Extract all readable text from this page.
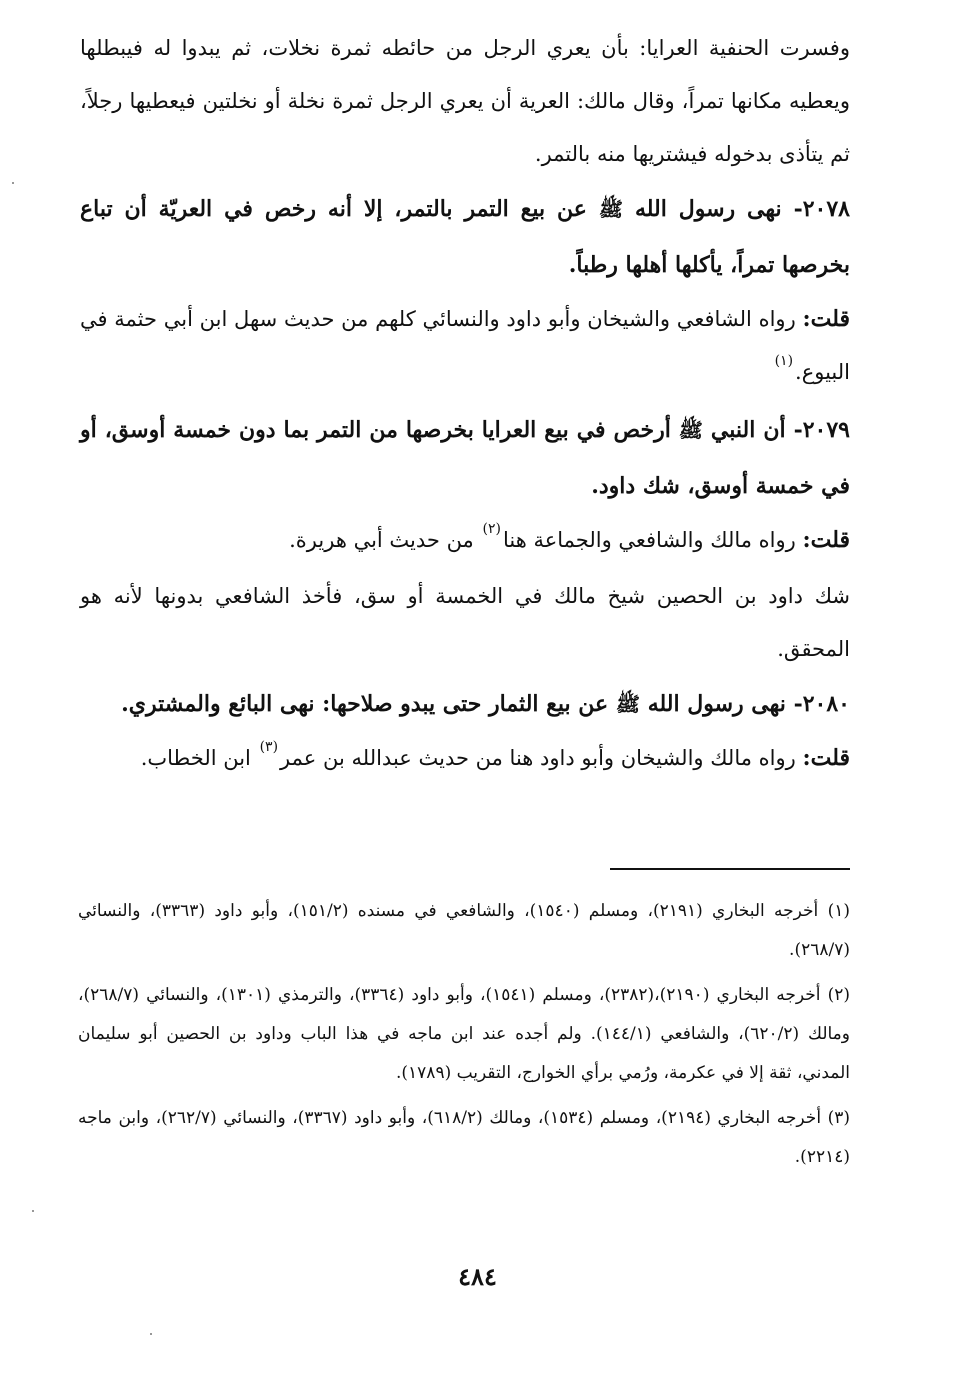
وفسرت الحنفية العرايا: بأن يعري الرجل من حائطه ثمرة نخلات، ثم يبدوا له فيبطلها ويعطيه مكانها تمراً، وقال مالك: العرية أن يعري الرجل ثمرة نخلة أو نخلتين فيعطيها رجلاً، ثم يتأذى بدخوله فيشتريها منه بالتمر.

٢٠٧٨- نهى رسول الله ﷺ عن بيع التمر بالتمر، إلا أنه رخص في العريّة أن تباع بخرصها تمراً، يأكلها أهلها رطباً.

قلت: رواه الشافعي والشيخان وأبو داود والنسائي كلهم من حديث سهل ابن أبي حثمة في البيوع.$^{(١)}$

٢٠٧٩- أن النبي ﷺ أرخص في بيع العرايا بخرصها من التمر بما دون خمسة أوسق، أو في خمسة أوسق، شك داود.

قلت: رواه مالك والشافعي والجماعة هنا$^{(٢)}$ من حديث أبي هريرة.

شك داود بن الحصين شيخ مالك في الخمسة أو سق، فأخذ الشافعي بدونها لأنه هو المحقق.

٢٠٨٠- نهى رسول الله ﷺ عن بيع الثمار حتى يبدو صلاحها: نهى البائع والمشتري.

قلت: رواه مالك والشيخان وأبو داود هنا من حديث عبدالله بن عمر$^{(٣)}$ ابن الخطاب.

(١) أخرجه البخاري (٢١٩١)، ومسلم (١٥٤٠)، والشافعي في مسنده (١٥١/٢)، وأبو داود (٣٣٦٣)، والنسائي (٢٦٨/٧).

(٢) أخرجه البخاري (٢١٩٠)،(٢٣٨٢)، ومسلم (١٥٤١)، وأبو داود (٣٣٦٤)، والترمذي (١٣٠١)، والنسائي (٢٦٨/٧)، ومالك (٦٢٠/٢)، والشافعي (١٤٤/١). ولم أجده عند ابن ماجه في هذا الباب وداود بن الحصين أبو سليمان المدني، ثقة إلا في عكرمة، ورُمي برأي الخوارج، التقريب (١٧٨٩).

(٣) أخرجه البخاري (٢١٩٤)، ومسلم (١٥٣٤)، ومالك (٦١٨/٢)، وأبو داود (٣٣٦٧)، والنسائي (٢٦٢/٧)، وابن ماجه (٢٢١٤).

٤٨٤
